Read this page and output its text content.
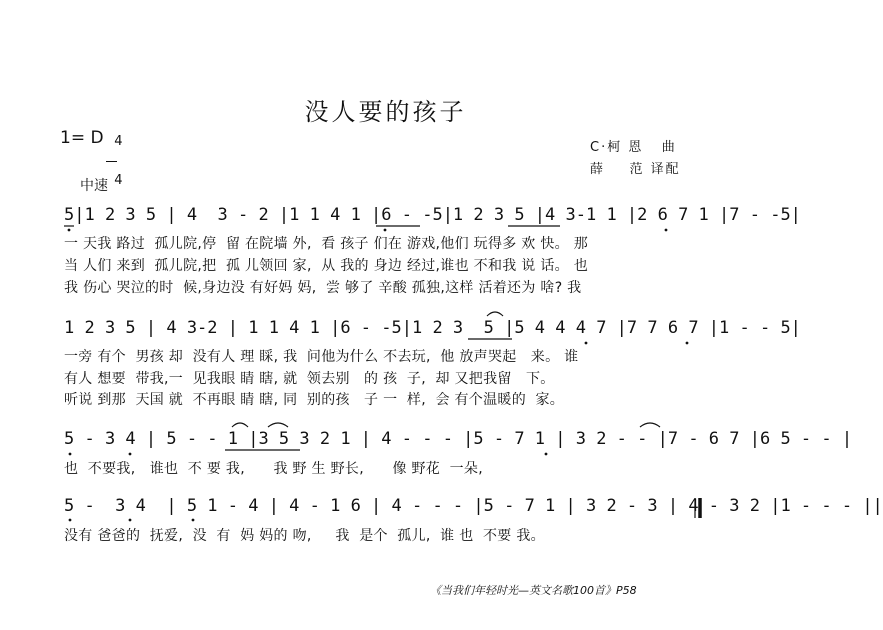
没人要的孩子
1= D 4

4

中速
C·柯 恩   曲
薛    范 译配
5|1 2 3 5 | 4  3 - 2 |1 1 4 1 |6 - -5|1 2 3 5 |4 3-1 1 |2 6 7 1 |7 - -5|
一 天我 路过  孤儿院,停  留 在院墙 外,  看 孩子 们在 游戏,他们 玩得多 欢 快。 那
当 人们 来到  孤儿院,把  孤 儿领回 家,  从 我的 身边 经过,谁也 不和我 说 话。 也
我 伤心 哭泣的时  候,身边没 有好妈 妈,  尝 够了 辛酸 孤独,这样 活着还为 啥? 我
1 2 3 5 | 4 3-2 | 1 1 4 1 |6 - -5|1 2 3  5 |5 4 4 4 7 |7 7 6 7 |1 - - 5|
一旁 有个  男孩 却  没有人 理 睬, 我  问他为什么 不去玩,  他 放声哭起   来。 谁
有人 想要  带我,一  见我眼 睛 瞎, 就  领去别   的 孩  子,  却 又把我留   下。
听说 到那  天国 就  不再眼 睛 瞎, 同  别的孩   子 一  样,  会 有个温暖的  家。
5 - 3 4 | 5 - - 1 |3 5 3 2 1 | 4 - - - |5 - 7 1 | 3 2 - - |7 - 6 7 |6 5 - - |
也  不要我,   谁也  不 要 我,      我 野 生 野长,      像 野花  一朵,
5 -  3 4  | 5 1 - 4 | 4 - 1 6 | 4 - - - |5 - 7 1 | 3 2 - 3 | 4 - 3 2 |1 - - - ||
没有 爸爸的  抚爱,  没  有  妈 妈的 吻,     我  是个  孤儿,  谁 也  不要 我。
《当我们年轻时光—英文名歌100首》P58
